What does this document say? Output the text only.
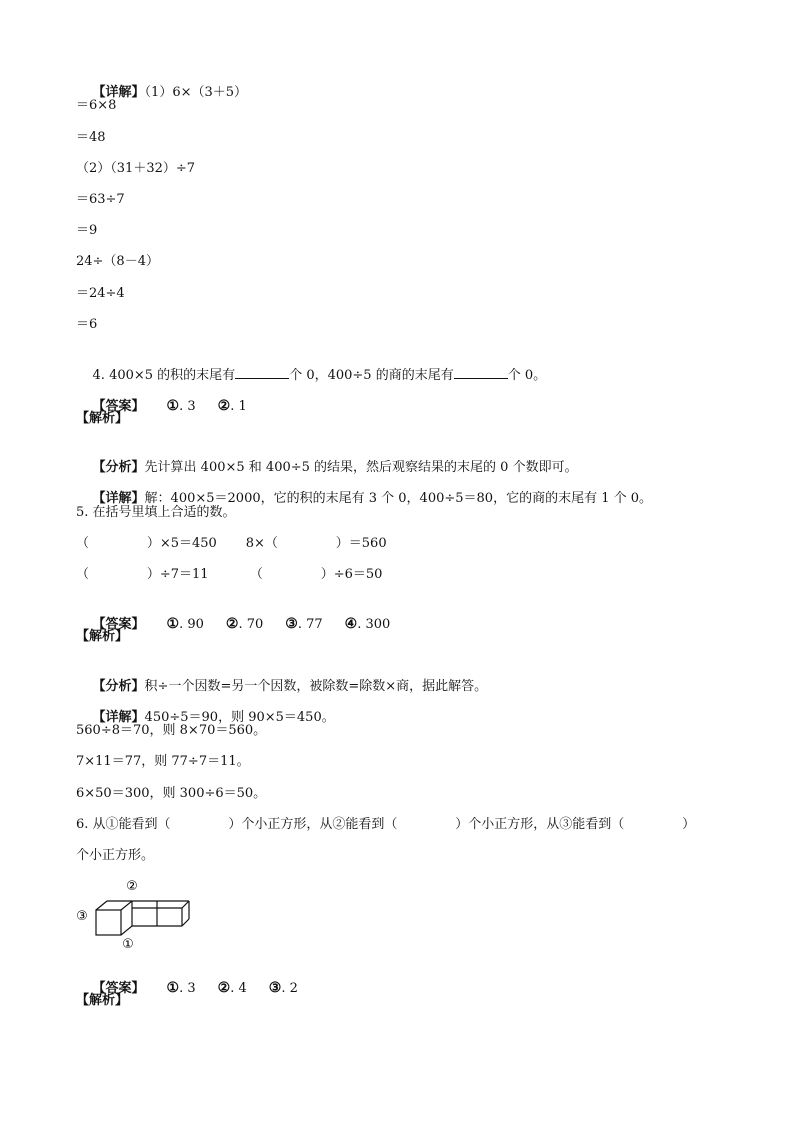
【详解】（1）6×（3＋5）

＝6×8
＝48
（2）（31＋32）÷7
＝63÷7
＝9
24÷（8－4）
＝24÷4
＝6

4. 400×5 的积的末尾有	个 0，400÷5 的商的末尾有	个 0。

【答案】 ①. 3 ②. 1

【解析】

【分析】先计算出 400×5 和 400÷5 的结果，然后观察结果的末尾的 0 个数即可。

【详解】解：400×5＝2000，它的积的末尾有 3 个 0，400÷5＝80，它的商的末尾有 1 个 0。

5. 在括号里填上合适的数。
（              ）×5＝450       8×（              ）＝560
（              ）÷7＝11          （              ）÷6＝50

【答案】 ①. 90 ②. 70 ③. 77 ④. 300

【解析】

【分析】积÷一个因数=另一个因数，被除数=除数×商，据此解答。

【详解】450÷5＝90，则 90×5＝450。

560÷8＝70，则 8×70＝560。
7×11＝77，则 77÷7＝11。
6×50＝300，则 300÷6＝50。
6. 从①能看到（              ）个小正方形，从②能看到（              ）个小正方形，从③能看到（              ）
个小正方形。
②
③
①

【答案】 ①. 3 ②. 4 ③. 2

【解析】
